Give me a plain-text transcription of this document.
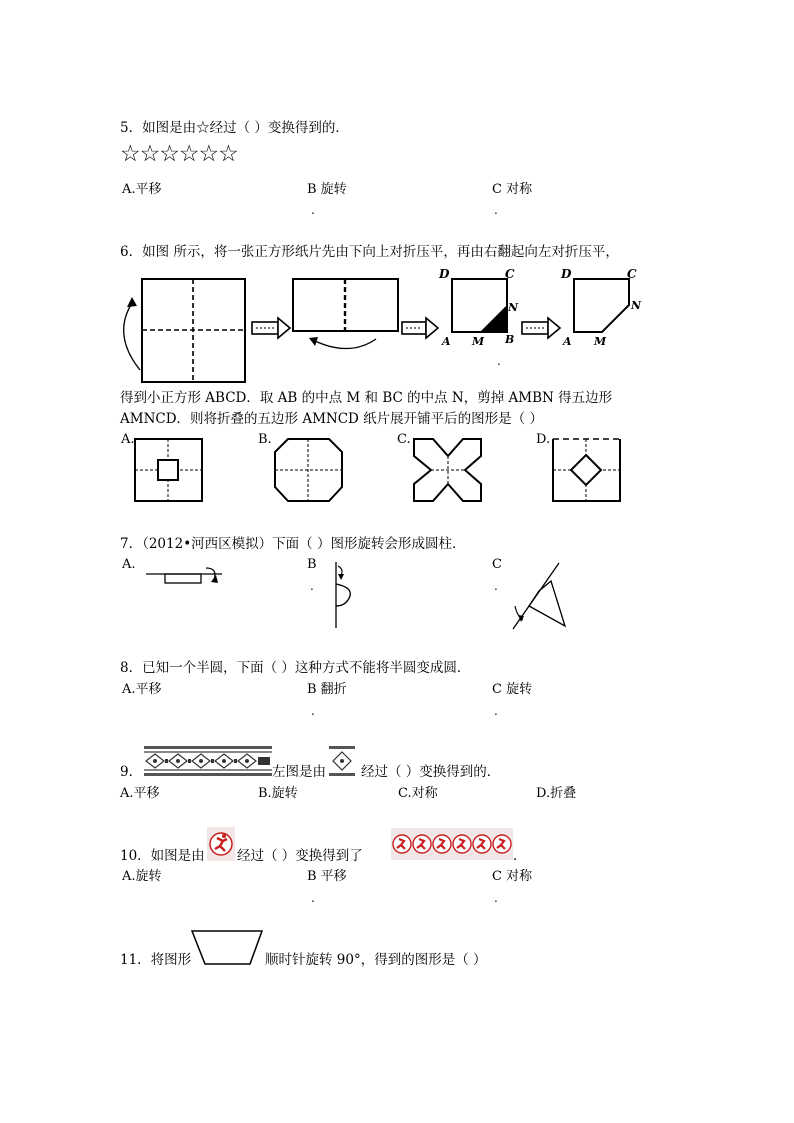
5．如图是由☆经过（ ）变换得到的．
☆☆☆☆☆☆
A.平移	B 旋转	C 对称
.	.
6．如图 所示，将一张正方形纸片先由下向上对折压平，再由右翻起向左对折压平，
D	C
N
A M B
D	C
N
A M
.
得到小正方形 ABCD．取 AB 的中点 M 和 BC 的中点 N，剪掉 AMBN 得五边形
AMNCD．则将折叠的五边形 AMNCD 纸片展开铺平后的图形是（ ）
A.	B.	C.	D.
7．（2012•河西区模拟）下面（ ）图形旋转会形成圆柱．
A.	B	C
.	.
8．已知一个半圆，下面（ ）这种方式不能将半圆变成圆．
A.平移	B 翻折	C 旋转
.	.
9．	左图是由	经过（ ）变换得到的．
A.平移	B.旋转	C.对称	D.折叠
10．如图是由 经过（ ）变换得到了	．
A.旋转	B 平移	C 对称
.	.
11．将图形	顺时针旋转 90°，得到的图形是（ ）
